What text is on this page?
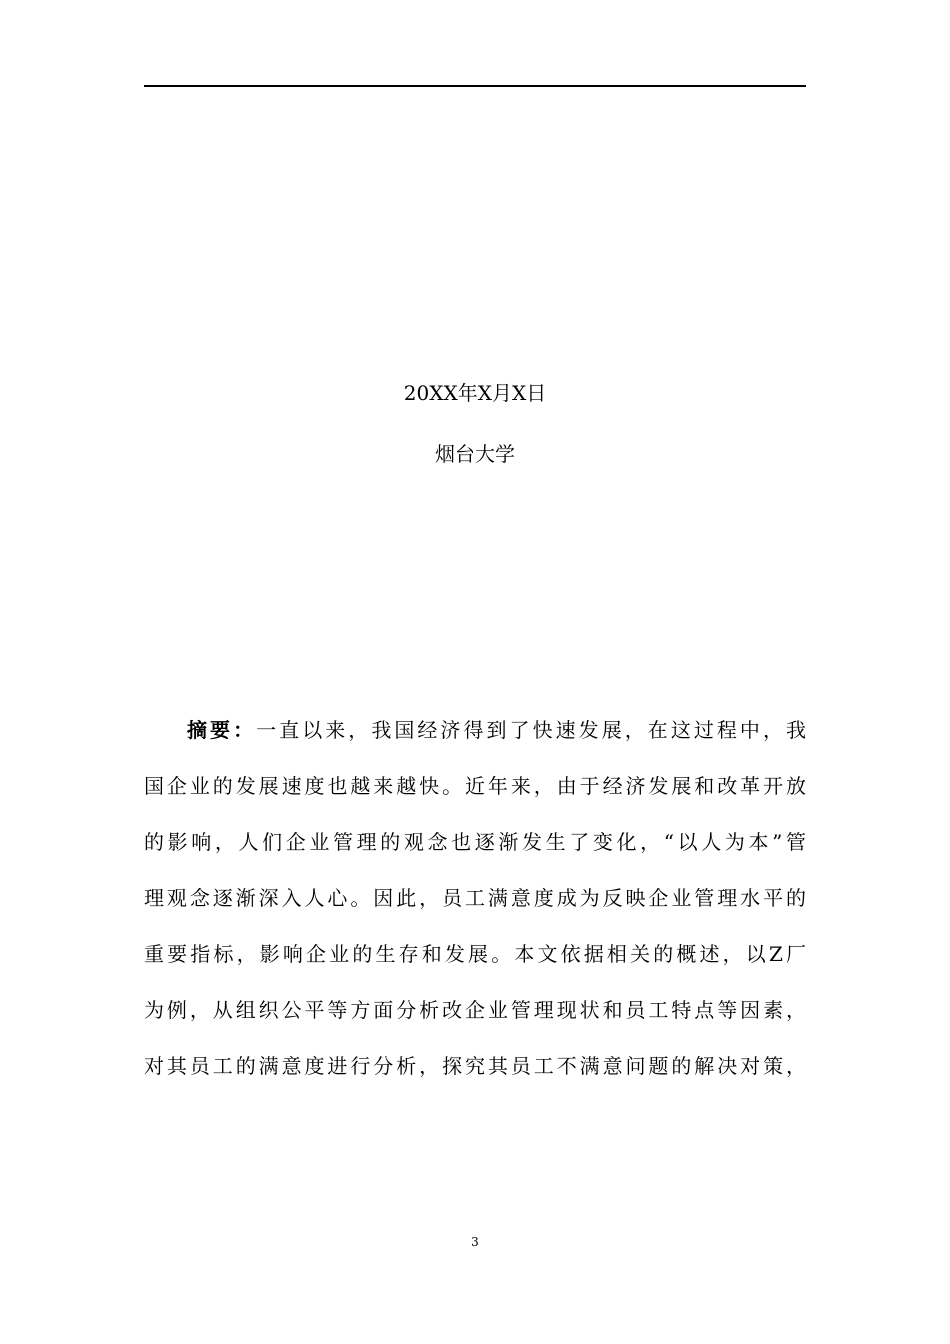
20XX年X月X日
烟台大学
摘要：一直以来，我国经济得到了快速发展，在这过程中，我
国企业的发展速度也越来越快。近年来，由于经济发展和改革开放
的影响，人们企业管理的观念也逐渐发生了变化，“以人为本”管
理观念逐渐深入人心。因此，员工满意度成为反映企业管理水平的
重要指标，影响企业的生存和发展。本文依据相关的概述，以Z厂
为例，从组织公平等方面分析改企业管理现状和员工特点等因素，
对其员工的满意度进行分析，探究其员工不满意问题的解决对策，
3
